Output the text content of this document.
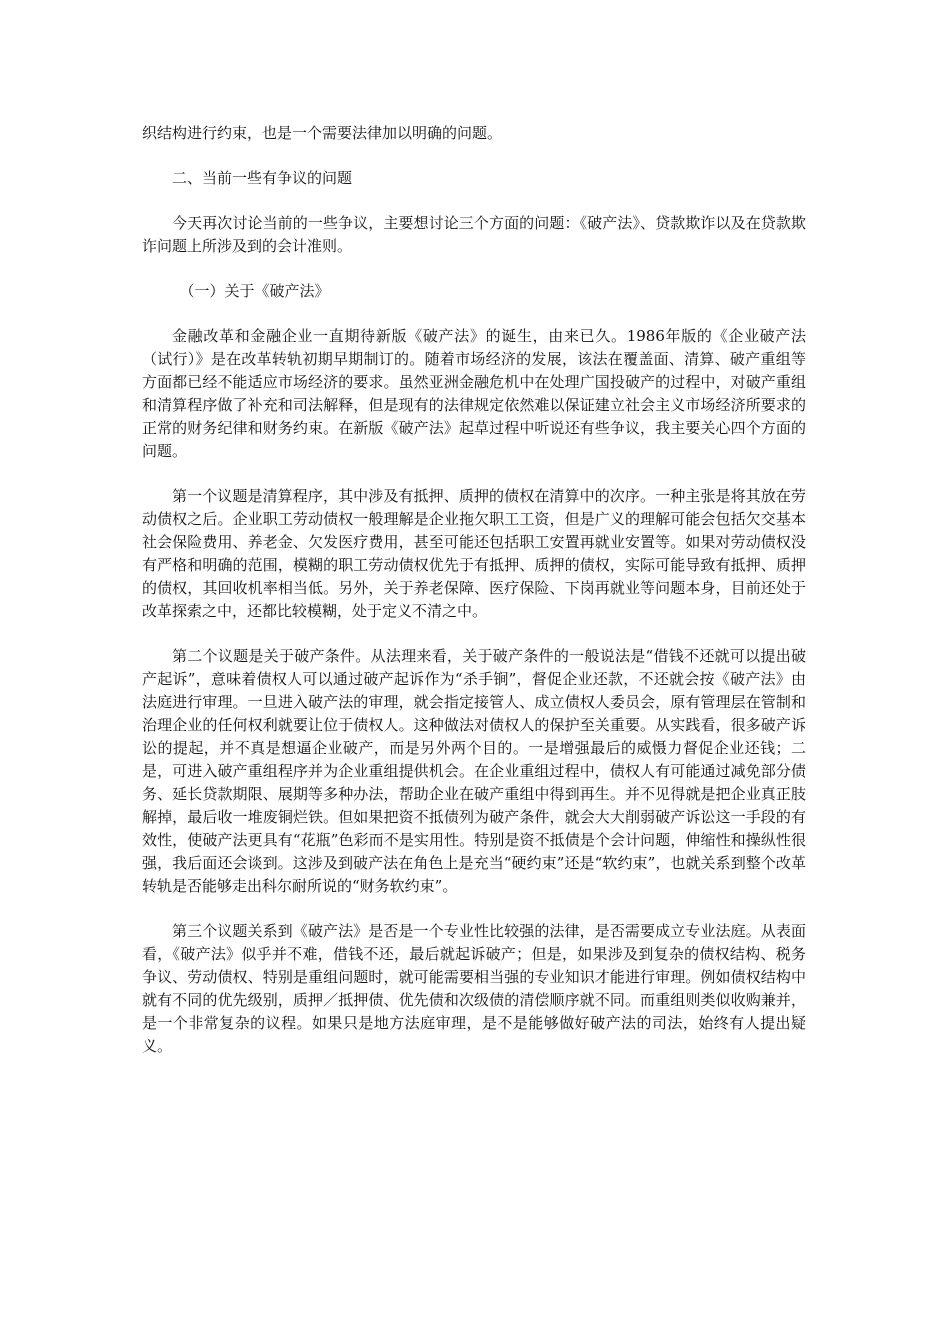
织结构进行约束，也是一个需要法律加以明确的问题。

二、当前一些有争议的问题

今天再次讨论当前的一些争议，主要想讨论三个方面的问题：《破产法》、贷款欺诈以及在贷款欺诈问题上所涉及到的会计准则。

（一）关于《破产法》

金融改革和金融企业一直期待新版《破产法》的诞生，由来已久。1986年版的《企业破产法（试行）》是在改革转轨初期早期制订的。随着市场经济的发展，该法在覆盖面、清算、破产重组等方面都已经不能适应市场经济的要求。虽然亚洲金融危机中在处理广国投破产的过程中，对破产重组和清算程序做了补充和司法解释，但是现有的法律规定依然难以保证建立社会主义市场经济所要求的正常的财务纪律和财务约束。在新版《破产法》起草过程中听说还有些争议，我主要关心四个方面的问题。

第一个议题是清算程序，其中涉及有抵押、质押的债权在清算中的次序。一种主张是将其放在劳动债权之后。企业职工劳动债权一般理解是企业拖欠职工工资，但是广义的理解可能会包括欠交基本社会保险费用、养老金、欠发医疗费用，甚至可能还包括职工安置再就业安置等。如果对劳动债权没有严格和明确的范围，模糊的职工劳动债权优先于有抵押、质押的债权，实际可能导致有抵押、质押的债权，其回收机率相当低。另外，关于养老保障、医疗保险、下岗再就业等问题本身，目前还处于改革探索之中，还都比较模糊，处于定义不清之中。

第二个议题是关于破产条件。从法理来看，关于破产条件的一般说法是“借钱不还就可以提出破产起诉”，意味着债权人可以通过破产起诉作为“杀手锏”，督促企业还款，不还就会按《破产法》由法庭进行审理。一旦进入破产法的审理，就会指定接管人、成立债权人委员会，原有管理层在管制和治理企业的任何权利就要让位于债权人。这种做法对债权人的保护至关重要。从实践看，很多破产诉讼的提起，并不真是想逼企业破产，而是另外两个目的。一是增强最后的威慑力督促企业还钱；二是，可进入破产重组程序并为企业重组提供机会。在企业重组过程中，债权人有可能通过减免部分债务、延长贷款期限、展期等多种办法，帮助企业在破产重组中得到再生。并不见得就是把企业真正肢解掉，最后收一堆废铜烂铁。但如果把资不抵债列为破产条件，就会大大削弱破产诉讼这一手段的有效性，使破产法更具有“花瓶”色彩而不是实用性。特别是资不抵债是个会计问题，伸缩性和操纵性很强，我后面还会谈到。这涉及到破产法在角色上是充当“硬约束”还是“软约束”，也就关系到整个改革转轨是否能够走出科尔耐所说的“财务软约束”。

第三个议题关系到《破产法》是否是一个专业性比较强的法律，是否需要成立专业法庭。从表面看，《破产法》似乎并不难，借钱不还，最后就起诉破产；但是，如果涉及到复杂的债权结构、税务争议、劳动债权、特别是重组问题时，就可能需要相当强的专业知识才能进行审理。例如债权结构中就有不同的优先级别，质押／抵押债、优先债和次级债的清偿顺序就不同。而重组则类似收购兼并，是一个非常复杂的议程。如果只是地方法庭审理，是不是能够做好破产法的司法，始终有人提出疑义。
